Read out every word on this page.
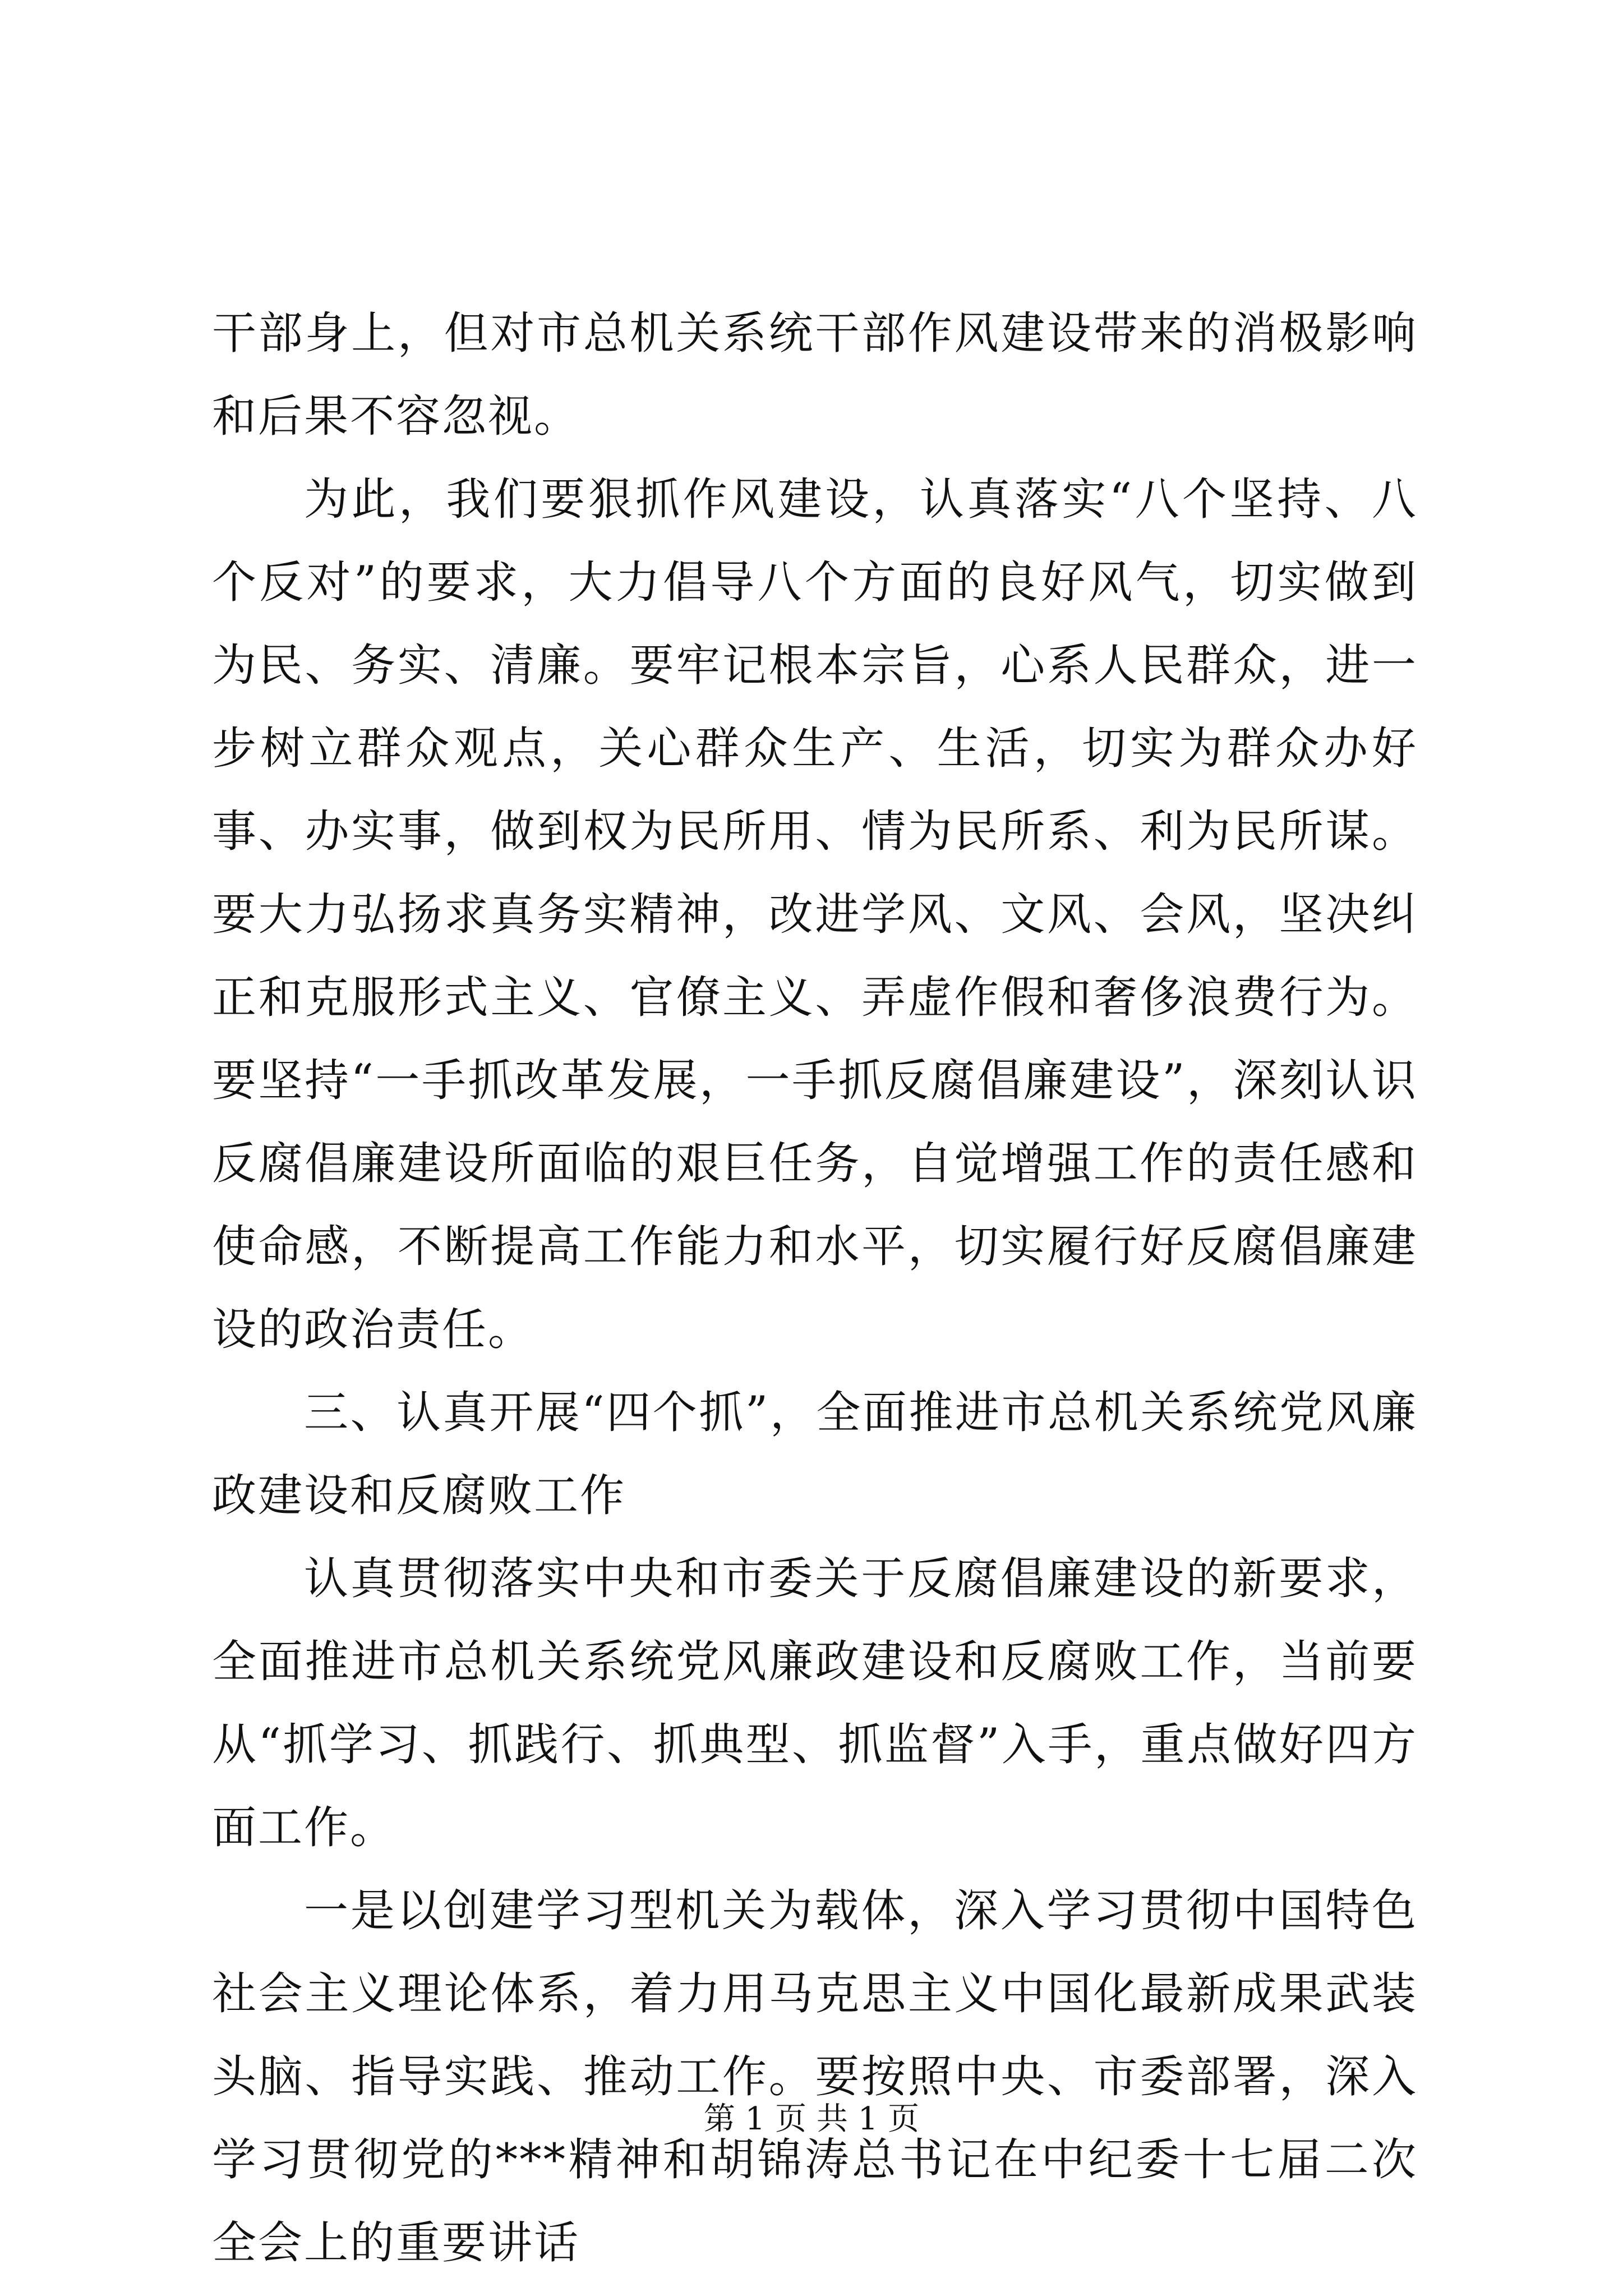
干部身上，但对市总机关系统干部作风建设带来的消极影响和后果不容忽视。

为此，我们要狠抓作风建设，认真落实“八个坚持、八个反对”的要求，大力倡导八个方面的良好风气，切实做到为民、务实、清廉。要牢记根本宗旨，心系人民群众，进一步树立群众观点，关心群众生产、生活，切实为群众办好事、办实事，做到权为民所用、情为民所系、利为民所谋。要大力弘扬求真务实精神，改进学风、文风、会风，坚决纠正和克服形式主义、官僚主义、弄虚作假和奢侈浪费行为。要坚持“一手抓改革发展，一手抓反腐倡廉建设”，深刻认识反腐倡廉建设所面临的艰巨任务，自觉增强工作的责任感和使命感，不断提高工作能力和水平，切实履行好反腐倡廉建设的政治责任。

三、认真开展“四个抓”，全面推进市总机关系统党风廉政建设和反腐败工作

认真贯彻落实中央和市委关于反腐倡廉建设的新要求，全面推进市总机关系统党风廉政建设和反腐败工作，当前要从“抓学习、抓践行、抓典型、抓监督”入手，重点做好四方面工作。

一是以创建学习型机关为载体，深入学习贯彻中国特色社会主义理论体系，着力用马克思主义中国化最新成果武装头脑、指导实践、推动工作。要按照中央、市委部署，深入学习贯彻党的***精神和胡锦涛总书记在中纪委十七届二次全会上的重要讲话

第 1 页 共 1 页
